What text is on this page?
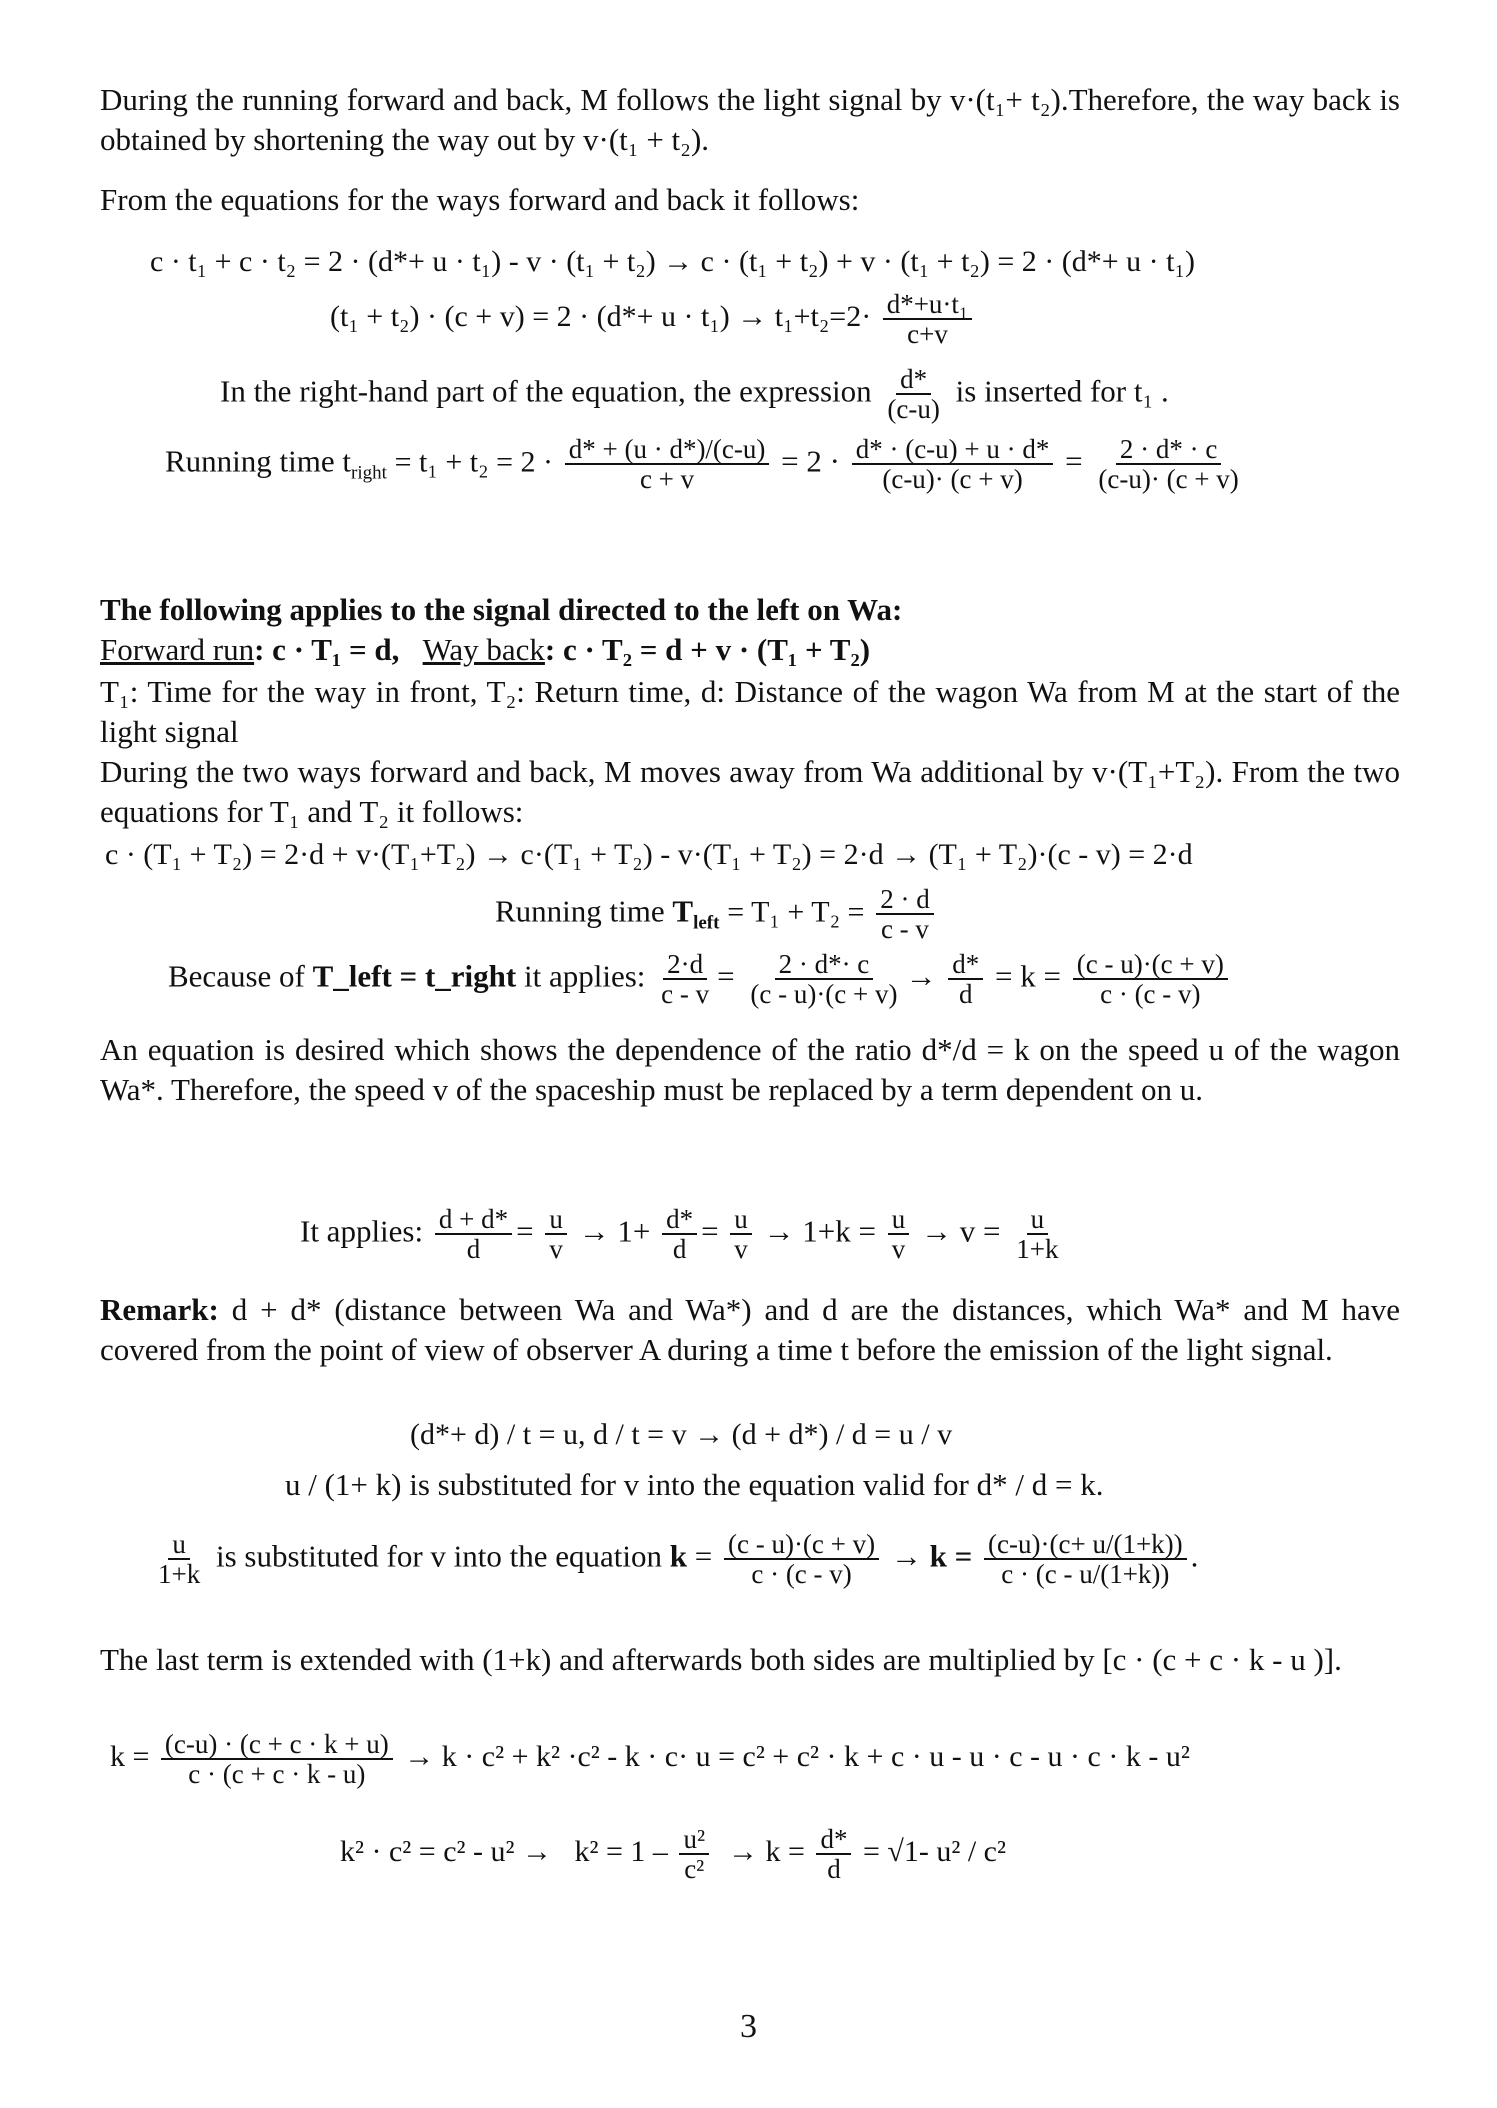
During the running forward and back, M follows the light signal by v·(t₁+ t₂).Therefore, the way back is obtained by shortening the way out by v·(t₁ + t₂).

From the equations for the ways forward and back it follows:

c · t₁ + c · t₂ = 2 · (d*+ u · t₁) - v · (t₁ + t₂) → c · (t₁ + t₂) + v · (t₁ + t₂) = 2 · (d*+ u · t₁)
$(t_1 + t_2) \cdot (c + v) = 2 \cdot (d*+ u \cdot t_1) \to t_1+t_2=2\cdot \frac{\text{d*+u·t₁}}{c+v}$
In the right-hand part of the equation, the expression $\frac{d*}{(c-u)}$ is inserted for t₁ .
Running time $t_{right} = t_1 + t_2 = 2 \cdot \frac{d* + (u \cdot d*)/(c-u)}{c + v} = 2 \cdot \frac{d* \cdot (c-u) + u \cdot d*}{(c-u)\cdot (c + v)} = \frac{2 \cdot d* \cdot c}{(c-u)\cdot (c + v)}$

The following applies to the signal directed to the left on Wa:

Forward run: c · T₁ = d, Way back: c · T₂ = d + v · (T₁ + T₂)

T₁: Time for the way in front, T₂: Return time, d: Distance of the wagon Wa from M at the start of the light signal

During the two ways forward and back, M moves away from Wa additional by v·(T₁+T₂). From the two equations for T₁ and T₂ it follows:

c · (T₁ + T₂) = 2·d + v·(T₁+T₂) → c·(T₁ + T₂) - v·(T₁ + T₂) = 2·d → (T₁ + T₂)·(c - v) = 2·d
Running time $T_{left} = T_1 + T_2 = \frac{2 \cdot d}{c - v}$
Because of T_left = t_right it applies: $\frac{2\cdot d}{c - v} = \frac{2 \cdot d*\cdot c}{(c - u)\cdot(c + v)} \to \frac{d*}{d} = k = \frac{(c - u)\cdot(c + v)}{c \cdot (c - v)}$

An equation is desired which shows the dependence of the ratio d*/d = k on the speed u of the wagon Wa*. Therefore, the speed v of the spaceship must be replaced by a term dependent on u.

It applies: $\frac{d + d*}{d} = \frac{u}{v} \to 1+ \frac{d*}{d} = \frac{u}{v} \to 1+k = \frac{u}{v} \to v = \frac{u}{1+k}$

Remark: d + d* (distance between Wa and Wa*) and d are the distances, which Wa* and M have covered from the point of view of observer A during a time t before the emission of the light signal.

(d*+ d) / t = u, d / t = v → (d + d*) / d = u / v
u / (1+ k) is substituted for v into the equation valid for d* / d = k.
$\frac{u}{1+k}$ is substituted for v into the equation $k = \frac{(c - u)\cdot(c + v)}{c \cdot (c - v)} \to k = \frac{(c-u)\cdot(c+ u/(1+k))}{c \cdot (c - u/(1+k))}$ .

The last term is extended with (1+k) and afterwards both sides are multiplied by [c · (c + c · k - u )].

$k = \frac{(c-u) \cdot (c + c \cdot k + u)}{c \cdot (c + c \cdot k - u)} \to k \cdot c^2 + k^2 \cdot c^2 - k \cdot c\cdot u = c^2 + c^2 \cdot k + c \cdot u - u \cdot c - u \cdot c \cdot k - u^2$
$k^2 \cdot c^2 = c^2 - u^2 \to k^2 = 1 - \frac{\text{u²}}{\text{c²}} \to k = \frac{d*}{d} = √1-$ u² / c²
3
